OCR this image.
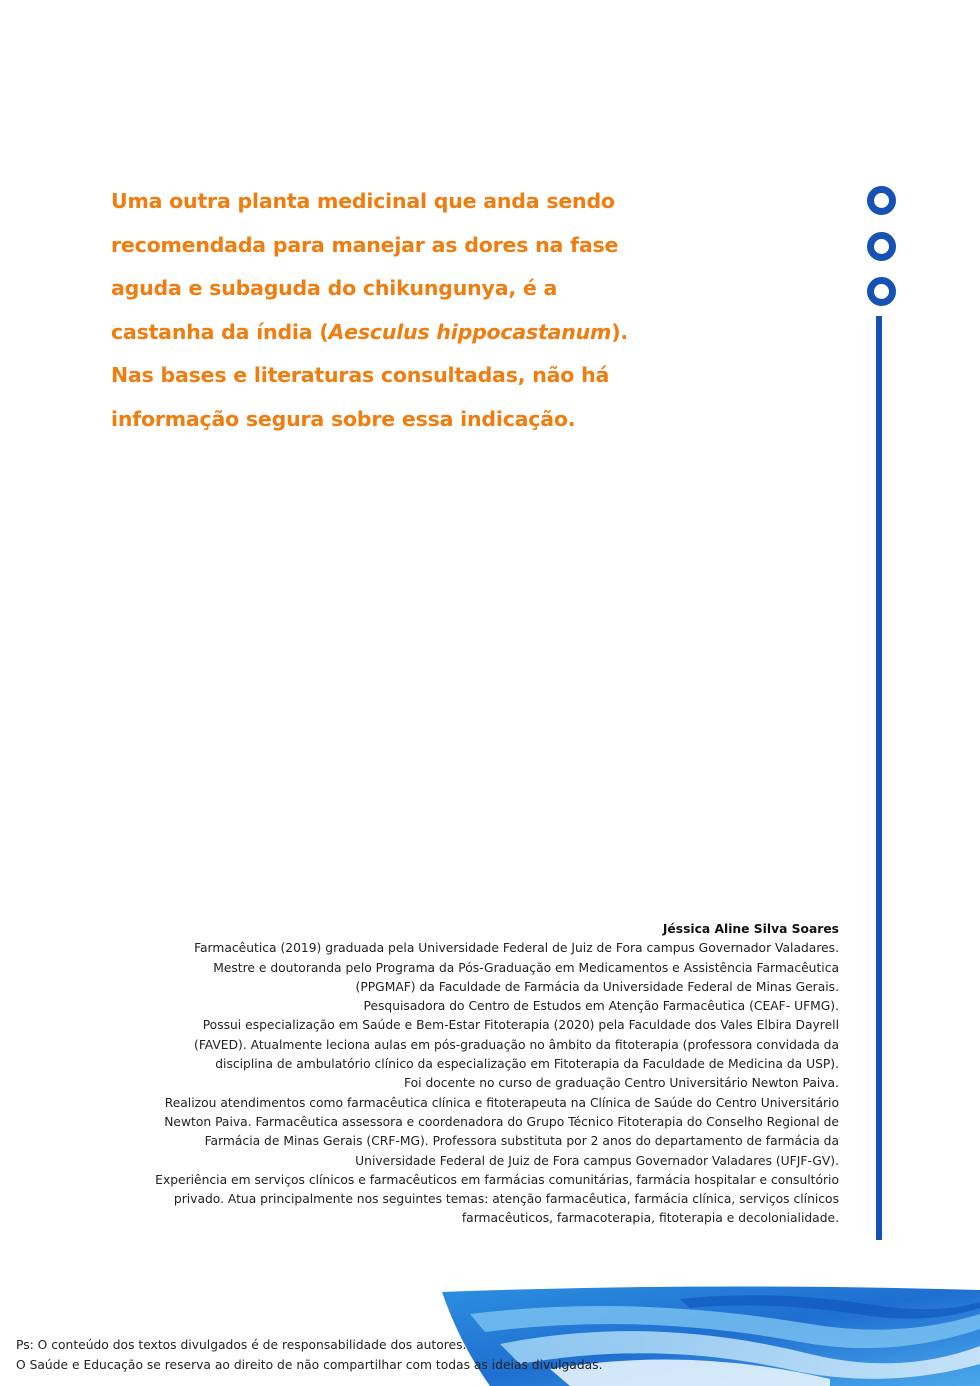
Uma outra planta medicinal que anda sendo recomendada para manejar as dores na fase aguda e subaguda do chikungunya, é a castanha da índia (Aesculus hippocastanum). Nas bases e literaturas consultadas, não há informação segura sobre essa indicação.

Jéssica Aline Silva Soares
Farmacêutica (2019) graduada pela Universidade Federal de Juiz de Fora campus Governador Valadares.
Mestre e doutoranda pelo Programa da Pós-Graduação em Medicamentos e Assistência Farmacêutica
(PPGMAF) da Faculdade de Farmácia da Universidade Federal de Minas Gerais.
Pesquisadora do Centro de Estudos em Atenção Farmacêutica (CEAF- UFMG).
Possui especialização em Saúde e Bem-Estar Fitoterapia (2020) pela Faculdade dos Vales Elbira Dayrell
(FAVED). Atualmente leciona aulas em pós-graduação no âmbito da fitoterapia (professora convidada da
disciplina de ambulatório clínico da especialização em Fitoterapia da Faculdade de Medicina da USP).
Foi docente no curso de graduação Centro Universitário Newton Paiva.
Realizou atendimentos como farmacêutica clínica e fitoterapeuta na Clínica de Saúde do Centro Universitário
Newton Paiva. Farmacêutica assessora e coordenadora do Grupo Técnico Fitoterapia do Conselho Regional de
Farmácia de Minas Gerais (CRF-MG). Professora substituta por 2 anos do departamento de farmácia da
Universidade Federal de Juiz de Fora campus Governador Valadares (UFJF-GV).
Experiência em serviços clínicos e farmacêuticos em farmácias comunitárias, farmácia hospitalar e consultório
privado. Atua principalmente nos seguintes temas: atenção farmacêutica, farmácia clínica, serviços clínicos
farmacêuticos, farmacoterapia, fitoterapia e decolonialidade.
Ps: O conteúdo dos textos divulgados é de responsabilidade dos autores.
O Saúde e Educação se reserva ao direito de não compartilhar com todas as ideias divulgadas.
